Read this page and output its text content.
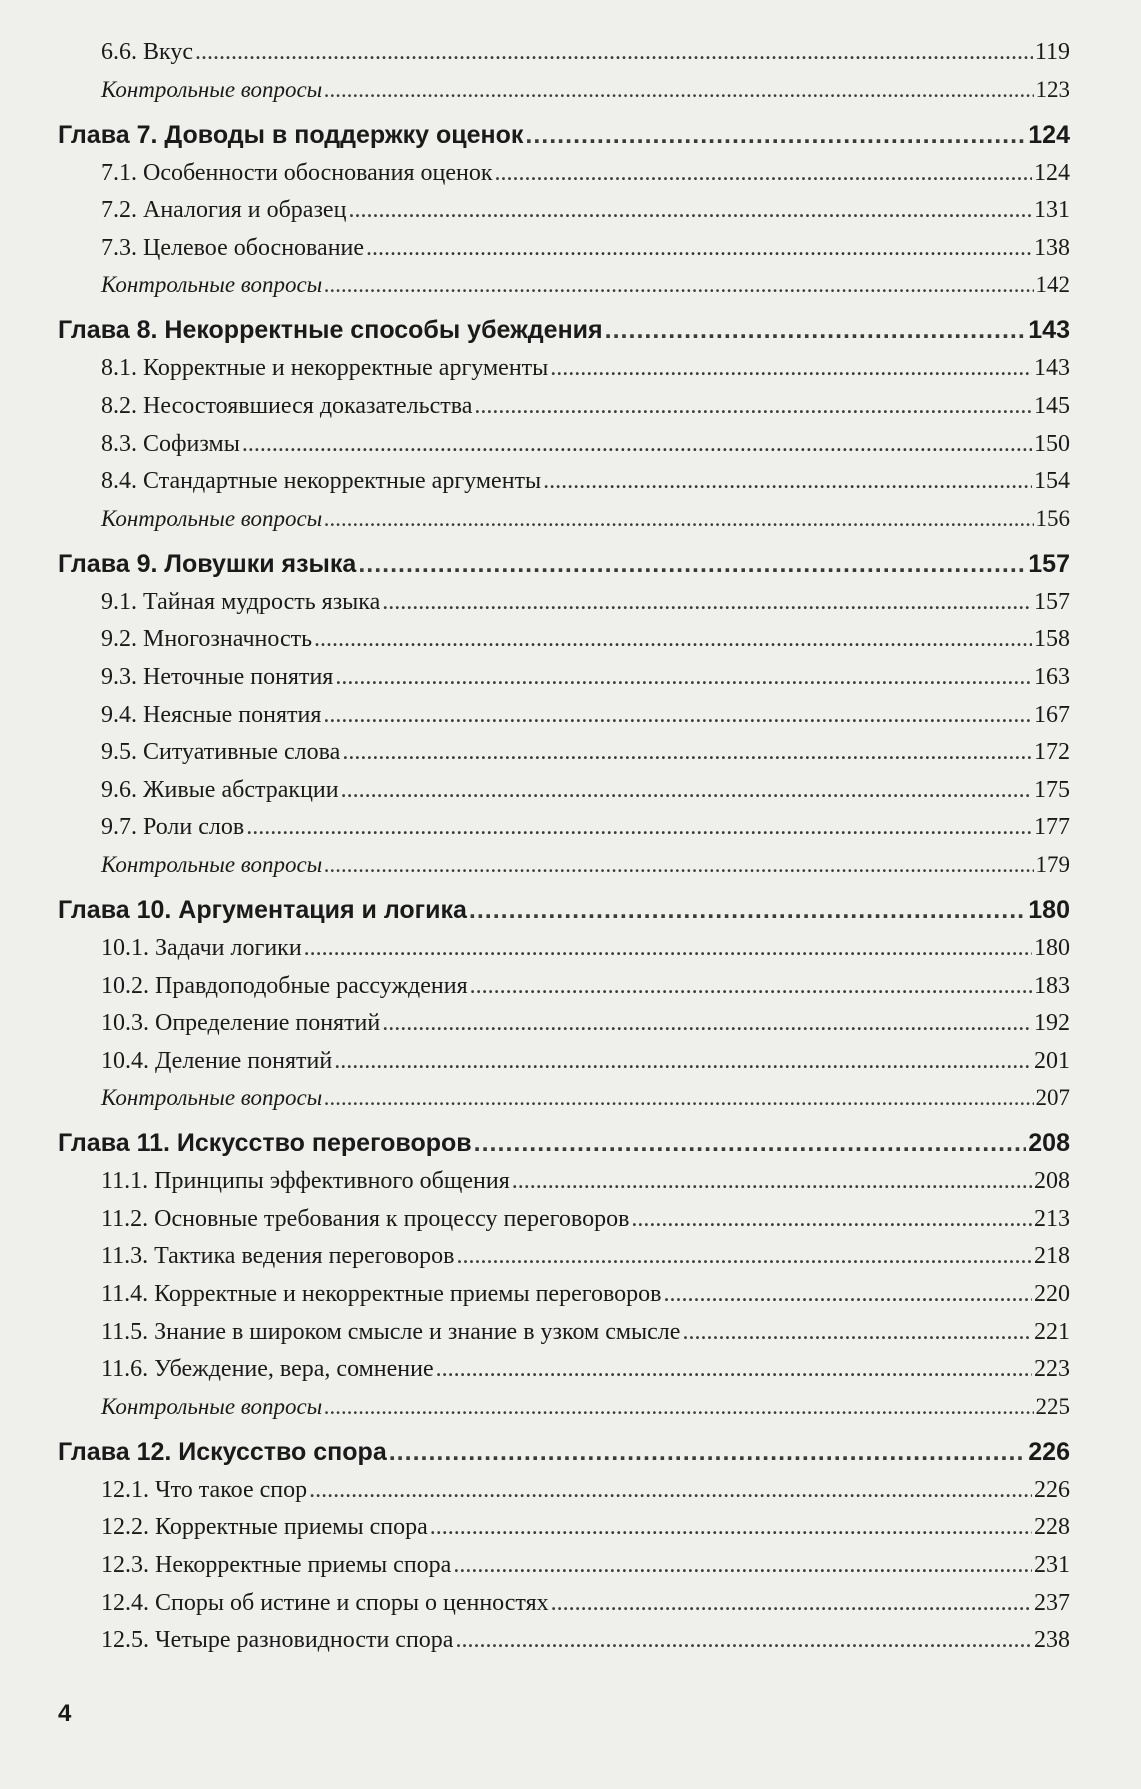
6.6. Вкус .....	119
Контрольные вопросы .....	123
Глава 7. Доводы в поддержку оценок .....	124
7.1. Особенности обоснования оценок .....	124
7.2. Аналогия и образец .....	131
7.3. Целевое обоснование .....	138
Контрольные вопросы .....	142
Глава 8. Некорректные способы убеждения .....	143
8.1. Корректные и некорректные аргументы .....	143
8.2. Несостоявшиеся доказательства .....	145
8.3. Софизмы .....	150
8.4. Стандартные некорректные аргументы .....	154
Контрольные вопросы .....	156
Глава 9. Ловушки языка .....	157
9.1. Тайная мудрость языка .....	157
9.2. Многозначность .....	158
9.3. Неточные понятия .....	163
9.4. Неясные понятия .....	167
9.5. Ситуативные слова .....	172
9.6. Живые абстракции .....	175
9.7. Роли слов .....	177
Контрольные вопросы .....	179
Глава 10. Аргументация и логика .....	180
10.1. Задачи логики .....	180
10.2. Правдоподобные рассуждения .....	183
10.3. Определение понятий .....	192
10.4. Деление понятий .....	201
Контрольные вопросы .....	207
Глава 11. Искусство переговоров .....	208
11.1. Принципы эффективного общения .....	208
11.2. Основные требования к процессу переговоров .....	213
11.3. Тактика ведения переговоров .....	218
11.4. Корректные и некорректные приемы переговоров .....	220
11.5. Знание в широком смысле и знание в узком смысле .....	221
11.6. Убеждение, вера, сомнение .....	223
Контрольные вопросы .....	225
Глава 12. Искусство спора .....	226
12.1. Что такое спор .....	226
12.2. Корректные приемы спора .....	228
12.3. Некорректные приемы спора .....	231
12.4. Споры об истине и споры о ценностях .....	237
12.5. Четыре разновидности спора .....	238
4
